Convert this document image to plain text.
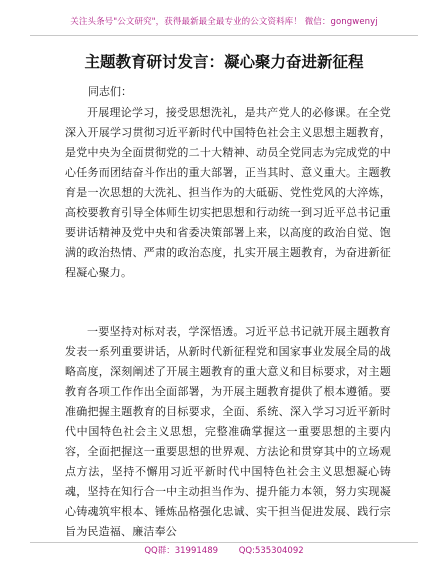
关注头条号"公文研究"，获得最新最全最专业的公文资料库！ 微信：gongwenyj
主题教育研讨发言：凝心聚力奋进新征程
同志们：

开展理论学习，接受思想洗礼，是共产党人的必修课。在全党深入开展学习贯彻习近平新时代中国特色社会主义思想主题教育，是党中央为全面贯彻党的二十大精神、动员全党同志为完成党的中心任务而团结奋斗作出的重大部署，正当其时、意义重大。主题教育是一次思想的大洗礼、担当作为的大砥砺、党性党风的大淬炼，高校要教育引导全体师生切实把思想和行动统一到习近平总书记重要讲话精神及党中央和省委决策部署上来，以高度的政治自觉、饱满的政治热情、严肃的政治态度，扎实开展主题教育，为奋进新征程凝心聚力。

一要坚持对标对表，学深悟透。习近平总书记就开展主题教育发表一系列重要讲话，从新时代新征程党和国家事业发展全局的战略高度，深刻阐述了开展主题教育的重大意义和目标要求，对主题教育各项工作作出全面部署，为开展主题教育提供了根本遵循。要准确把握主题教育的目标要求，全面、系统、深入学习习近平新时代中国特色社会主义思想，完整准确掌握这一重要思想的主要内容，全面把握这一重要思想的世界观、方法论和贯穿其中的立场观点方法，坚持不懈用习近平新时代中国特色社会主义思想凝心铸魂，坚持在知行合一中主动担当作为、提升能力本领，努力实现凝心铸魂筑牢根本、锤炼品格强化忠诚、实干担当促进发展、践行宗旨为民造福、廉洁奉公

QQ群：31991489 QQ:535304092
